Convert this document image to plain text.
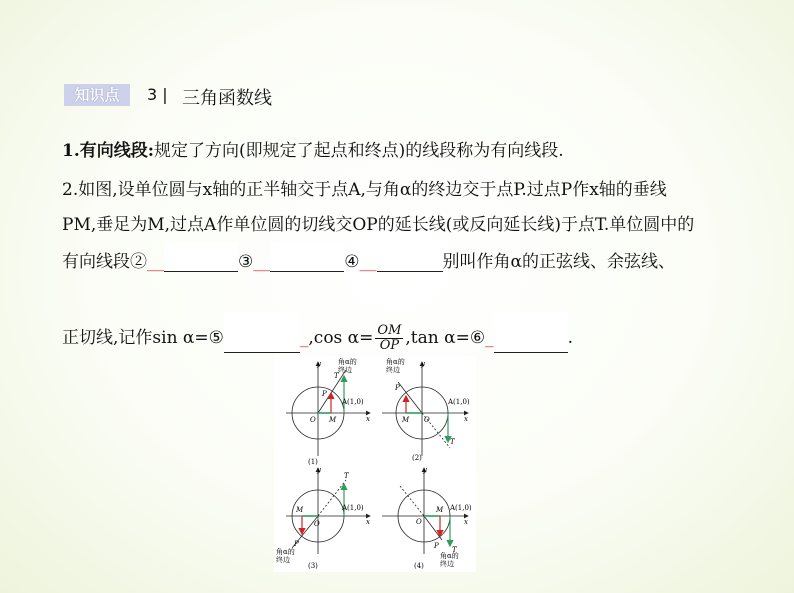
知识点	3 | 三角函数线
1.有向线段:规定了方向(即规定了起点和终点)的线段称为有向线段.
2.如图,设单位圆与x轴的正半轴交于点A,与角α的终边交于点P.过点P作x轴的垂线
PM,垂足为M,过点A作单位圆的切线交OP的延长线(或反向延长线)于点T.单位圆中的
有向线段②__	③__	④__	别叫作角α的正弦线、余弦线、
正切线,记作sin α=⑤	_,cos $\alpha= \frac{OM}{OP} ,\tan$ α=⑥_	.
y
x
O M
P
T
A(1,0)
角α的
终边
(1)
y
x
O
M
P
T
A(1,0)
角α的
终边
(2)
y
x
O
M
P
T
A(1,0)
角α的
终边
(3)
y
x
O
M
P T
A(1,0)
角α的
终边
(4)
